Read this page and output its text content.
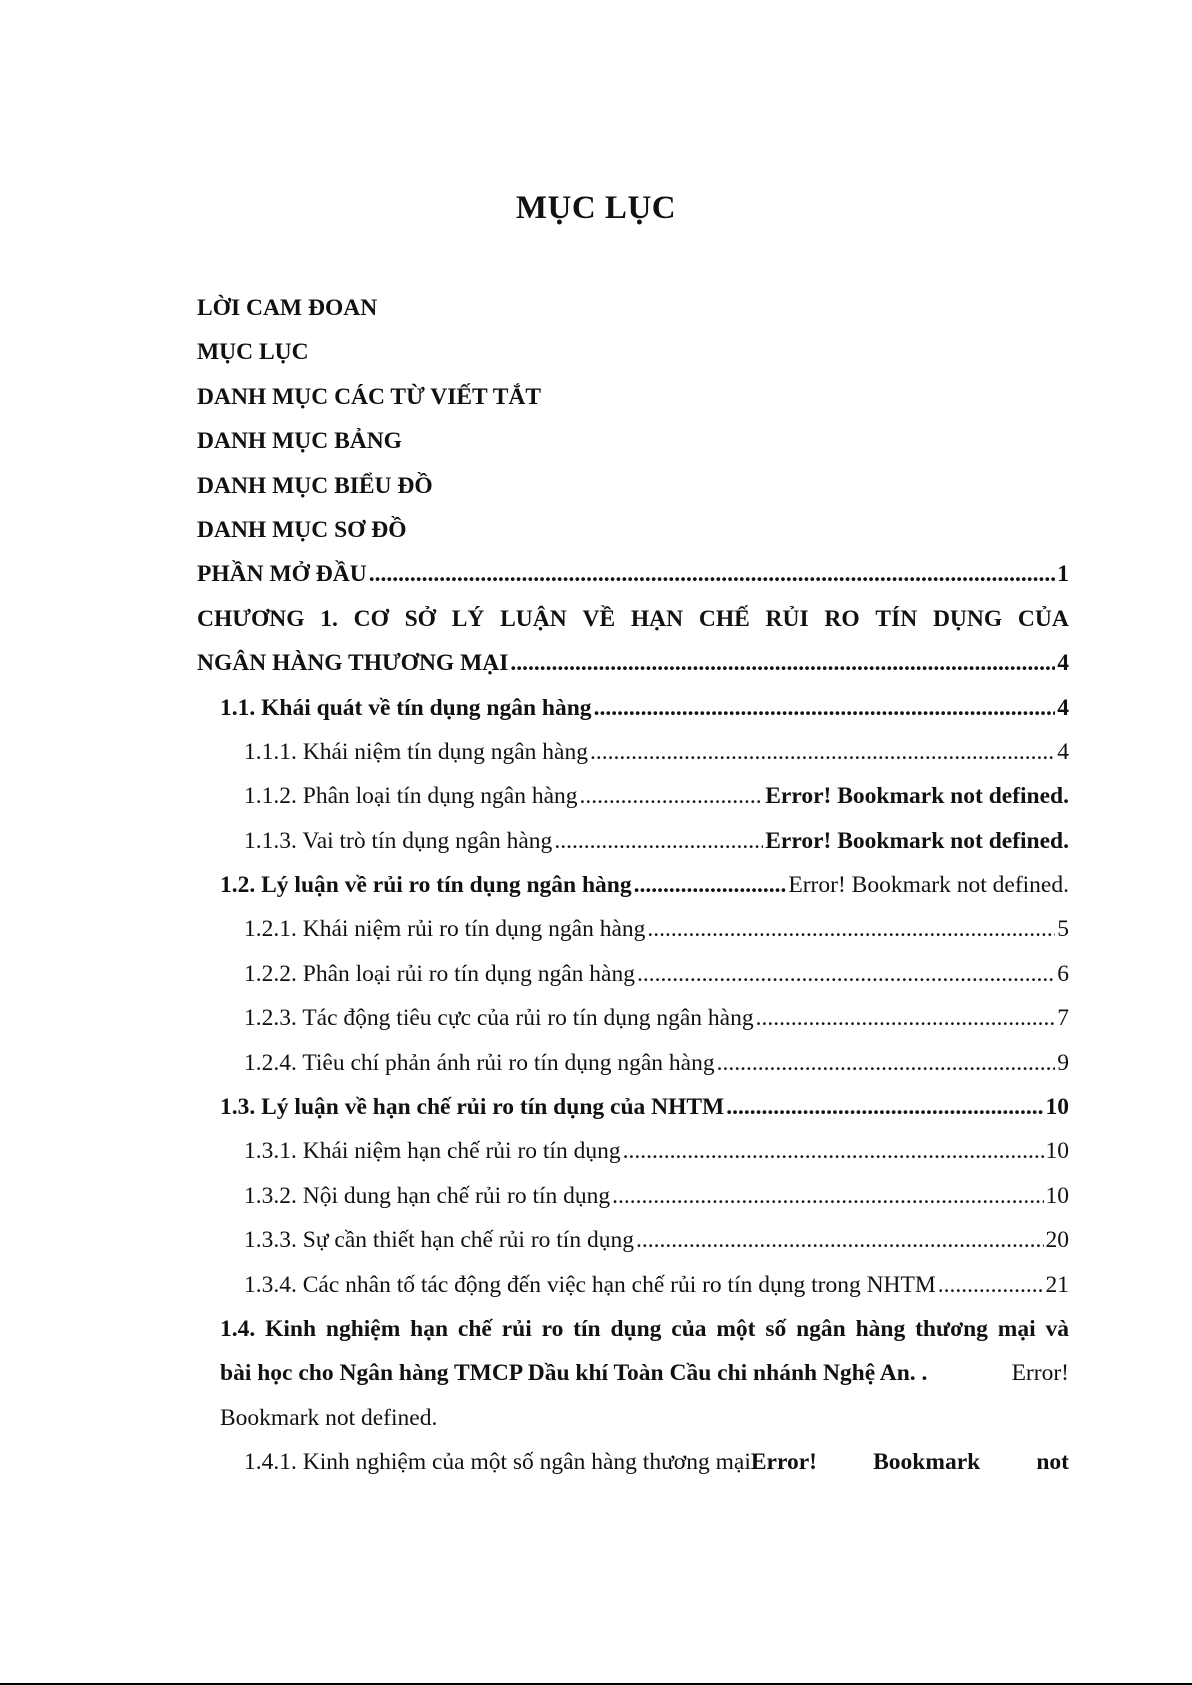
MỤC LỤC
LỜI CAM ĐOAN
MỤC LỤC
DANH MỤC CÁC TỪ VIẾT TẮT
DANH MỤC BẢNG
DANH MỤC BIỂU ĐỒ
DANH MỤC SƠ ĐỒ
PHẦN MỞ ĐẦU .....	1
CHƯƠNG 1. CƠ SỞ LÝ LUẬN VỀ HẠN CHẾ RỦI RO TÍN DỤNG CỦA
NGÂN HÀNG THƯƠNG MẠI .....	4
1.1. Khái quát về tín dụng ngân hàng .....	4
1.1.1. Khái niệm tín dụng ngân hàng .....	4
1.1.2. Phân loại tín dụng ngân hàng .....	Error! Bookmark not defined.
1.1.3. Vai trò tín dụng ngân hàng .....	Error! Bookmark not defined.
1.2. Lý luận về rủi ro tín dụng ngân hàng .....	Error! Bookmark not defined.
1.2.1. Khái niệm rủi ro tín dụng ngân hàng .....	5
1.2.2. Phân loại rủi ro tín dụng ngân hàng .....	6
1.2.3. Tác động tiêu cực của rủi ro tín dụng ngân hàng .....	7
1.2.4. Tiêu chí phản ánh rủi ro tín dụng ngân hàng .....	9
1.3. Lý luận về hạn chế rủi ro tín dụng của NHTM .....	10
1.3.1. Khái niệm hạn chế rủi ro tín dụng .....	10
1.3.2. Nội dung hạn chế rủi ro tín dụng .....	10
1.3.3. Sự cần thiết hạn chế rủi ro tín dụng .....	20
1.3.4. Các nhân tố tác động đến việc hạn chế rủi ro tín dụng trong NHTM .....	21
1.4. Kinh nghiệm hạn chế rủi ro tín dụng của một số ngân hàng thương mại và
bài học cho Ngân hàng TMCP Dầu khí Toàn Cầu chi nhánh Nghệ An. .	Error!
Bookmark not defined.
1.4.1. Kinh nghiệm của một số ngân hàng thương mại Error! Bookmark not
